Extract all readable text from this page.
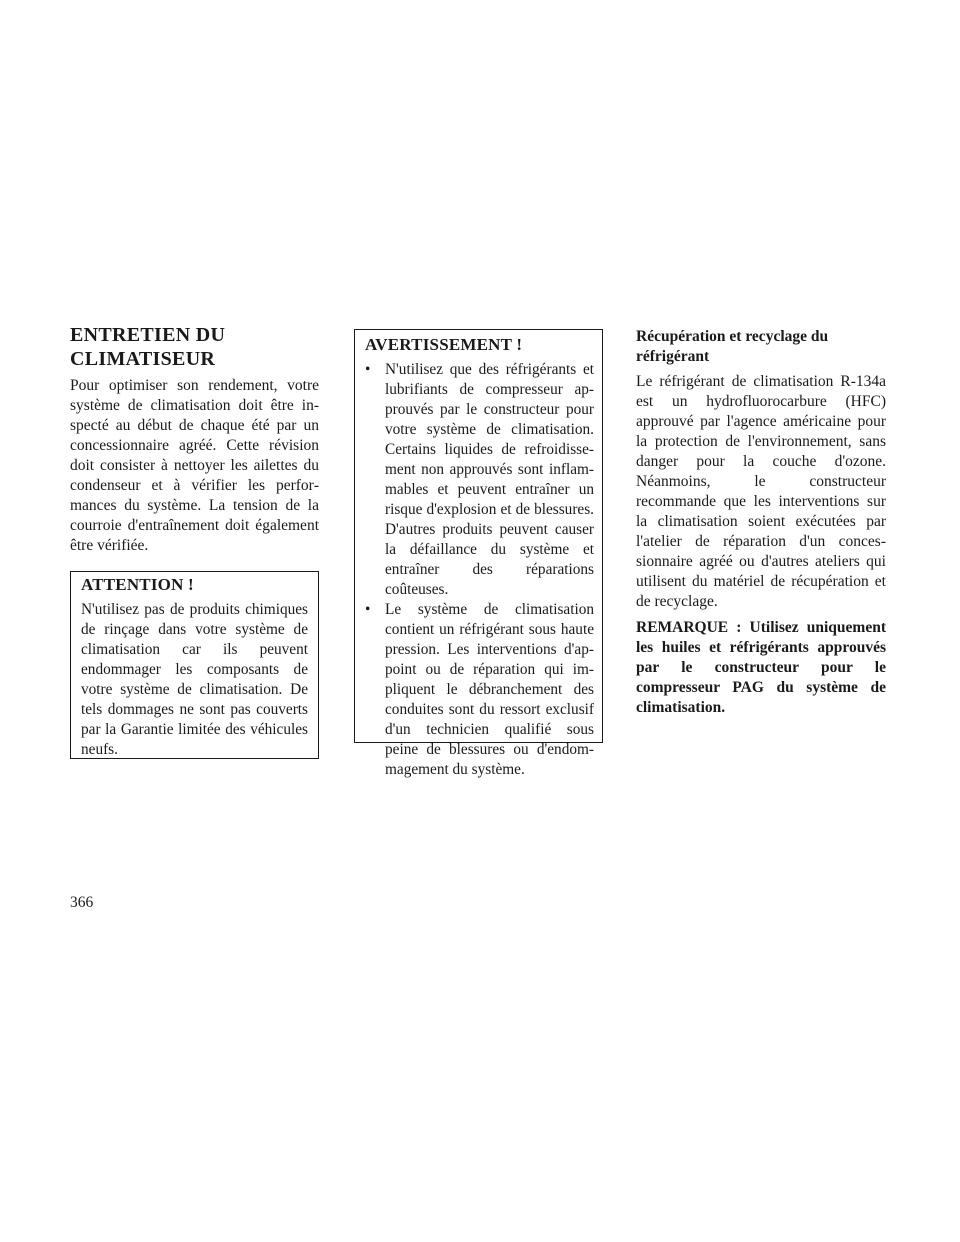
ENTRETIEN DU
CLIMATISEUR

Pour optimiser son rendement, votre système de climatisation doit être inspecté au début de chaque été par un concessionnaire agréé. Cette révision doit consister à nettoyer les ailettes du condenseur et à vérifier les performances du système. La tension de la courroie d'entraînement doit également être vérifiée.

ATTENTION !

N'utilisez pas de produits chimiques de rinçage dans votre système de climatisation car ils peuvent endommager les composants de votre système de climatisation. De tels dommages ne sont pas couverts par la Garantie limitée des véhicules neufs.

AVERTISSEMENT !

• N'utilisez que des réfrigérants et lubrifiants de compresseur approuvés par le constructeur pour votre système de climatisation. Certains liquides de refroidissement non approuvés sont inflammables et peuvent entraîner un risque d'explosion et de blessures. D'autres produits peuvent causer la défaillance du système et entraîner des réparations coûteuses.
• Le système de climatisation contient un réfrigérant sous haute pression. Les interventions d'appoint ou de réparation qui impliquent le débranchement des conduites sont du ressort exclusif d'un technicien qualifié sous peine de blessures ou d'endommagement du système.

Récupération et recyclage du
réfrigérant

Le réfrigérant de climatisation R-134a est un hydrofluorocarbure (HFC) approuvé par l'agence américaine pour la protection de l'environnement, sans danger pour la couche d'ozone. Néanmoins, le constructeur recommande que les interventions sur la climatisation soient exécutées par l'atelier de réparation d'un concessionnaire agréé ou d'autres ateliers qui utilisent du matériel de récupération et de recyclage.

REMARQUE : Utilisez uniquement les huiles et réfrigérants approuvés par le constructeur pour le compresseur PAG du système de climatisation.

366
